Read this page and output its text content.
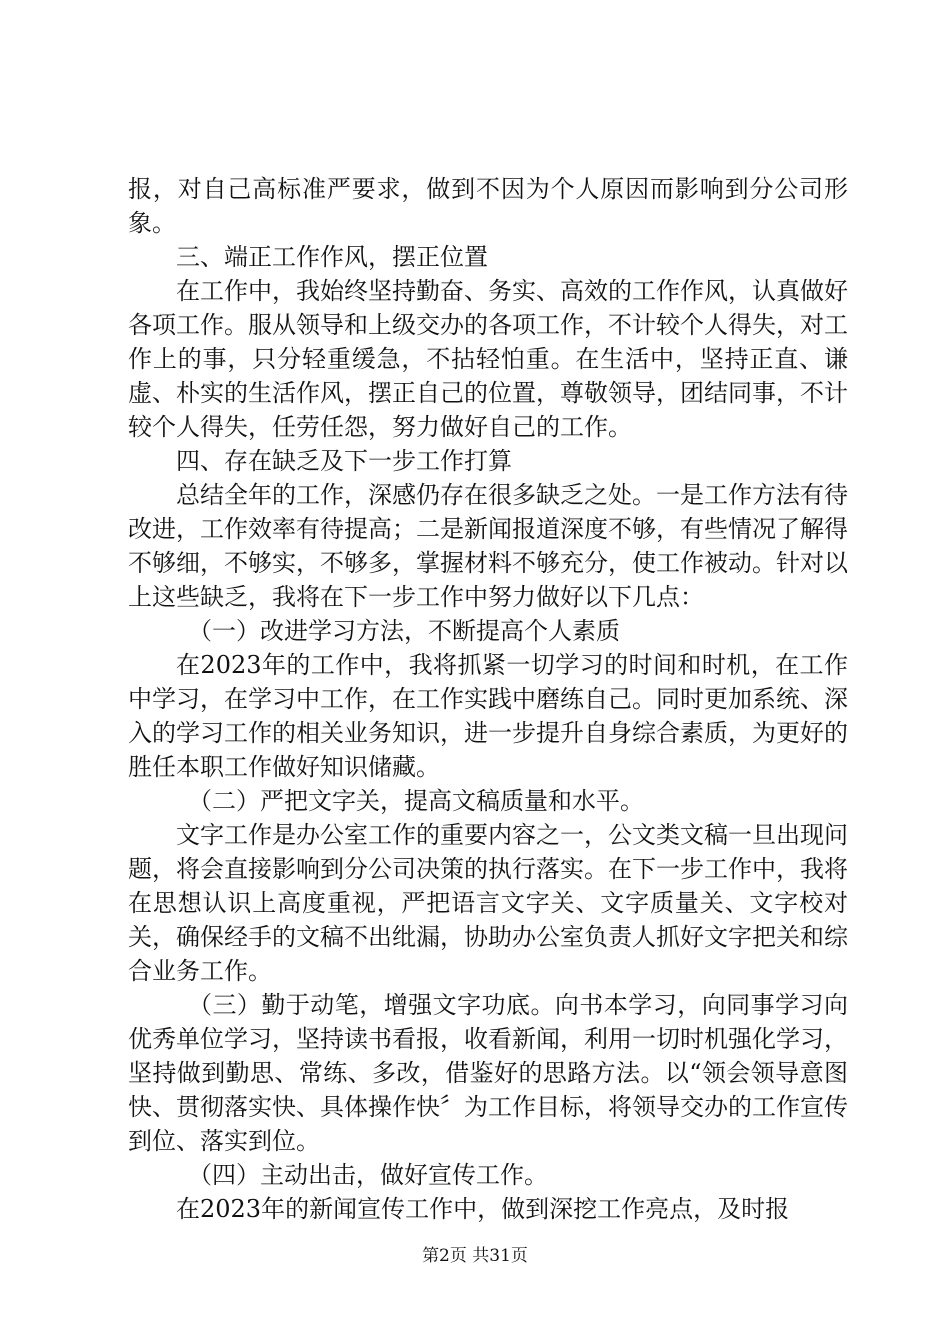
报，对自己高标准严要求，做到不因为个人原因而影响到分公司形象。

三、端正工作作风，摆正位置

在工作中，我始终坚持勤奋、务实、高效的工作作风，认真做好各项工作。服从领导和上级交办的各项工作，不计较个人得失，对工作上的事，只分轻重缓急，不拈轻怕重。在生活中，坚持正直、谦虚、朴实的生活作风，摆正自己的位置，尊敬领导，团结同事，不计较个人得失，任劳任怨，努力做好自己的工作。

四、存在缺乏及下一步工作打算

总结全年的工作，深感仍存在很多缺乏之处。一是工作方法有待改进，工作效率有待提高；二是新闻报道深度不够，有些情况了解得不够细，不够实，不够多，掌握材料不够充分，使工作被动。针对以上这些缺乏，我将在下一步工作中努力做好以下几点：

（一）改进学习方法，不断提高个人素质

在2023年的工作中，我将抓紧一切学习的时间和时机，在工作中学习，在学习中工作，在工作实践中磨练自己。同时更加系统、深入的学习工作的相关业务知识，进一步提升自身综合素质，为更好的胜任本职工作做好知识储藏。

（二）严把文字关，提高文稿质量和水平。

文字工作是办公室工作的重要内容之一，公文类文稿一旦出现问题，将会直接影响到分公司决策的执行落实。在下一步工作中，我将在思想认识上高度重视，严把语言文字关、文字质量关、文字校对关，确保经手的文稿不出纰漏，协助办公室负责人抓好文字把关和综合业务工作。

（三）勤于动笔，增强文字功底。向书本学习，向同事学习向优秀单位学习，坚持读书看报，收看新闻，利用一切时机强化学习，坚持做到勤思、常练、多改，借鉴好的思路方法。以“领会领导意图快、贯彻落实快、具体操作快〞为工作目标，将领导交办的工作宣传到位、落实到位。

（四）主动出击，做好宣传工作。

在2023年的新闻宣传工作中，做到深挖工作亮点，及时报

第2页 共31页
